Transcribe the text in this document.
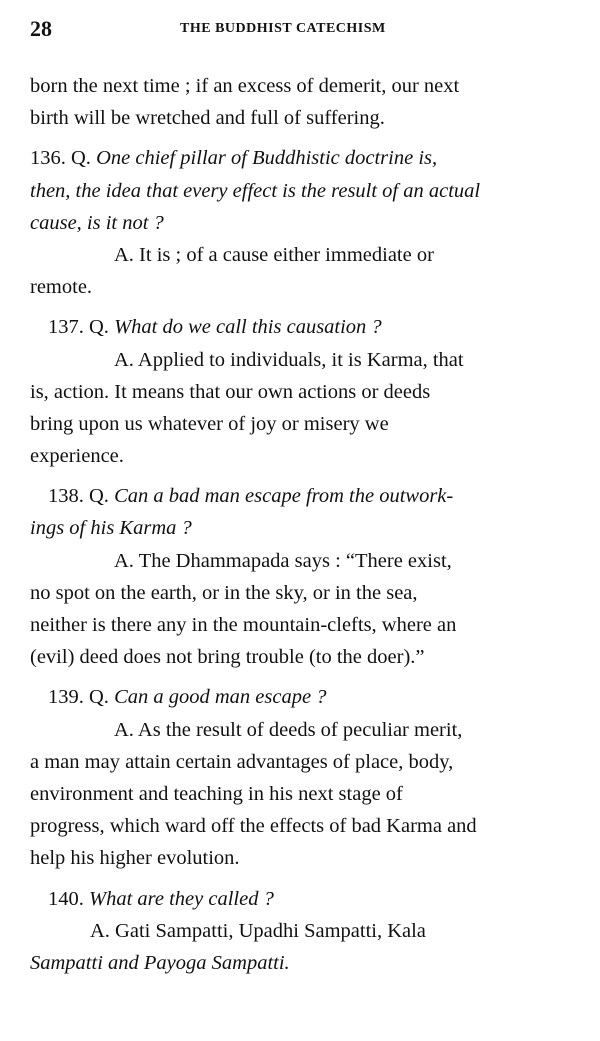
28	THE BUDDHIST CATECHISM
born the next time ; if an excess of demerit, our next
birth will be wretched and full of suffering.
136. Q. One chief pillar of Buddhistic doctrine is,
then, the idea that every effect is the result of an actual
cause, is it not ?
A. It is ; of a cause either immediate or
remote.
137. Q. What do we call this causation ?
A. Applied to individuals, it is Karma, that
is, action. It means that our own actions or deeds
bring upon us whatever of joy or misery we
experience.
138. Q. Can a bad man escape from the outwork-
ings of his Karma ?
A. The Dhammapada says : “There exist,
no spot on the earth, or in the sky, or in the sea,
neither is there any in the mountain-clefts, where an
(evil) deed does not bring trouble (to the doer).”
139. Q. Can a good man escape ?
A. As the result of deeds of peculiar merit,
a man may attain certain advantages of place, body,
environment and teaching in his next stage of
progress, which ward off the effects of bad Karma and
help his higher evolution.
140. What are they called ?
A. Gati Sampatti, Upadhi Sampatti, Kala
Sampatti and Payoga Sampatti.
